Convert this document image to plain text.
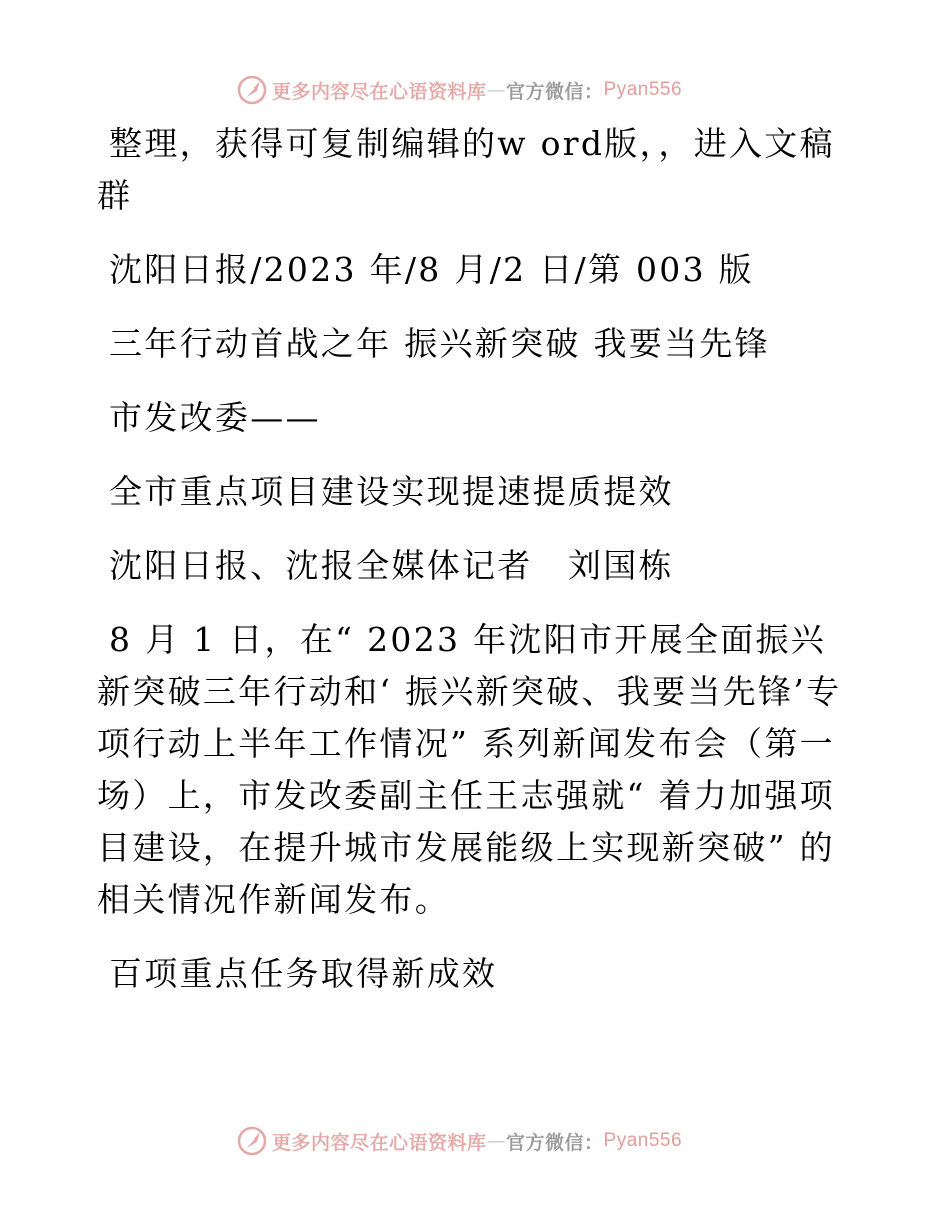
更多内容尽在心语资料库 — 官方微信： Pyan556

整理，获得可复制编辑的w ord版，，进入文稿群

沈阳日报/2023 年/8 月/2 日/第 003 版

三年行动首战之年 振兴新突破 我要当先锋

市发改委——

全市重点项目建设实现提速提质提效

沈阳日报、沈报全媒体记者　刘国栋

8 月 1 日，在“ 2023 年沈阳市开展全面振兴新突破三年行动和‘ 振兴新突破、我要当先锋’专项行动上半年工作情况” 系列新闻发布会（第一场）上，市发改委副主任王志强就“ 着力加强项目建设，在提升城市发展能级上实现新突破” 的相关情况作新闻发布。

百项重点任务取得新成效

更多内容尽在心语资料库 — 官方微信： Pyan556
